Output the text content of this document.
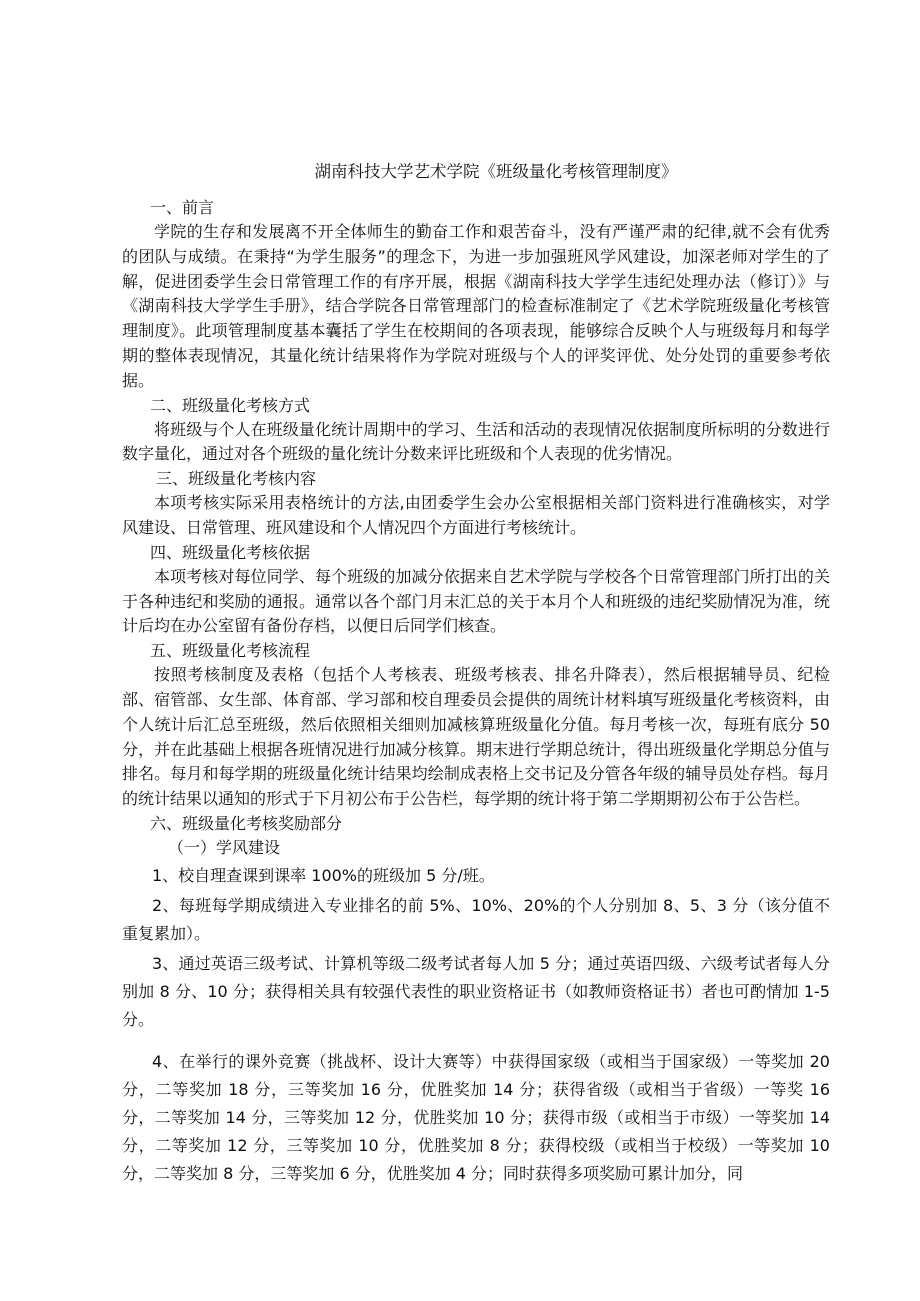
湖南科技大学艺术学院《班级量化考核管理制度》

一、前言

学院的生存和发展离不开全体师生的勤奋工作和艰苦奋斗，没有严谨严肃的纪律,就不会有优秀的团队与成绩。在秉持“为学生服务”的理念下，为进一步加强班风学风建设，加深老师对学生的了解，促进团委学生会日常管理工作的有序开展，根据《湖南科技大学学生违纪处理办法（修订）》与《湖南科技大学学生手册》，结合学院各日常管理部门的检查标准制定了《艺术学院班级量化考核管理制度》。此项管理制度基本囊括了学生在校期间的各项表现，能够综合反映个人与班级每月和每学期的整体表现情况，其量化统计结果将作为学院对班级与个人的评奖评优、处分处罚的重要参考依据。

二、班级量化考核方式

将班级与个人在班级量化统计周期中的学习、生活和活动的表现情况依据制度所标明的分数进行数字量化，通过对各个班级的量化统计分数来评比班级和个人表现的优劣情况。

三、班级量化考核内容

本项考核实际采用表格统计的方法,由团委学生会办公室根据相关部门资料进行准确核实，对学风建设、日常管理、班风建设和个人情况四个方面进行考核统计。

四、班级量化考核依据

本项考核对每位同学、每个班级的加减分依据来自艺术学院与学校各个日常管理部门所打出的关于各种违纪和奖励的通报。通常以各个部门月末汇总的关于本月个人和班级的违纪奖励情况为准，统计后均在办公室留有备份存档，以便日后同学们核查。

五、班级量化考核流程

按照考核制度及表格（包括个人考核表、班级考核表、排名升降表），然后根据辅导员、纪检部、宿管部、女生部、体育部、学习部和校自理委员会提供的周统计材料填写班级量化考核资料，由个人统计后汇总至班级，然后依照相关细则加减核算班级量化分值。每月考核一次，每班有底分 50 分，并在此基础上根据各班情况进行加减分核算。期末进行学期总统计，得出班级量化学期总分值与排名。每月和每学期的班级量化统计结果均绘制成表格上交书记及分管各年级的辅导员处存档。每月的统计结果以通知的形式于下月初公布于公告栏，每学期的统计将于第二学期期初公布于公告栏。

六、班级量化考核奖励部分

（一）学风建设

1、校自理查课到课率 100%的班级加 5 分/班。

2、每班每学期成绩进入专业排名的前 5%、10%、20%的个人分别加 8、5、3 分（该分值不重复累加）。

3、通过英语三级考试、计算机等级二级考试者每人加 5 分；通过英语四级、六级考试者每人分别加 8 分、10 分；获得相关具有较强代表性的职业资格证书（如教师资格证书）者也可酌情加 1-5 分。

4、在举行的课外竞赛（挑战杯、设计大赛等）中获得国家级（或相当于国家级）一等奖加 20 分，二等奖加 18 分，三等奖加 16 分，优胜奖加 14 分；获得省级（或相当于省级）一等奖 16 分，二等奖加 14 分，三等奖加 12 分，优胜奖加 10 分；获得市级（或相当于市级）一等奖加 14 分，二等奖加 12 分，三等奖加 10 分，优胜奖加 8 分；获得校级（或相当于校级）一等奖加 10 分，二等奖加 8 分，三等奖加 6 分，优胜奖加 4 分；同时获得多项奖励可累计加分，同
